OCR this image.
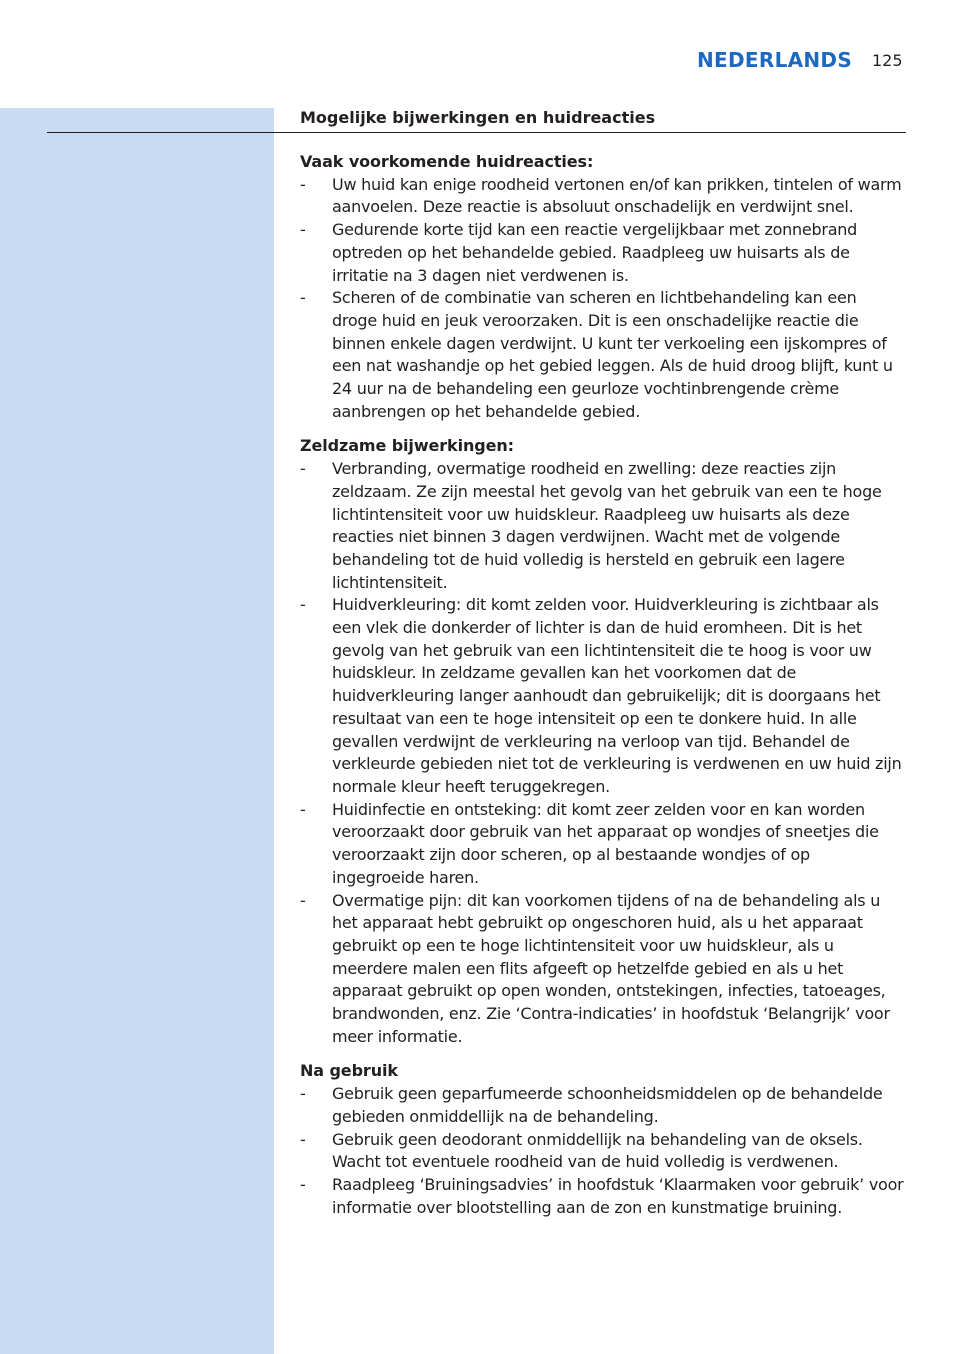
NEDERLANDS 125
Mogelijke bijwerkingen en huidreacties
Vaak voorkomende huidreacties:
- Uw huid kan enige roodheid vertonen en/of kan prikken, tintelen of warm aanvoelen. Deze reactie is absoluut onschadelijk en verdwijnt snel.
- Gedurende korte tijd kan een reactie vergelijkbaar met zonnebrand optreden op het behandelde gebied. Raadpleeg uw huisarts als de irritatie na 3 dagen niet verdwenen is.
- Scheren of de combinatie van scheren en lichtbehandeling kan een droge huid en jeuk veroorzaken. Dit is een onschadelijke reactie die binnen enkele dagen verdwijnt. U kunt ter verkoeling een ijskompres of een nat washandje op het gebied leggen. Als de huid droog blijft, kunt u 24 uur na de behandeling een geurloze vochtinbrengende crème aanbrengen op het behandelde gebied.
Zeldzame bijwerkingen:
- Verbranding, overmatige roodheid en zwelling: deze reacties zijn zeldzaam. Ze zijn meestal het gevolg van het gebruik van een te hoge lichtintensiteit voor uw huidskleur. Raadpleeg uw huisarts als deze reacties niet binnen 3 dagen verdwijnen. Wacht met de volgende behandeling tot de huid volledig is hersteld en gebruik een lagere lichtintensiteit.
- Huidverkleuring: dit komt zelden voor. Huidverkleuring is zichtbaar als een vlek die donkerder of lichter is dan de huid eromheen. Dit is het gevolg van het gebruik van een lichtintensiteit die te hoog is voor uw huidskleur. In zeldzame gevallen kan het voorkomen dat de huidverkleuring langer aanhoudt dan gebruikelijk; dit is doorgaans het resultaat van een te hoge intensiteit op een te donkere huid. In alle gevallen verdwijnt de verkleuring na verloop van tijd. Behandel de verkleurde gebieden niet tot de verkleuring is verdwenen en uw huid zijn normale kleur heeft teruggekregen.
- Huidinfectie en ontsteking: dit komt zeer zelden voor en kan worden veroorzaakt door gebruik van het apparaat op wondjes of sneetjes die veroorzaakt zijn door scheren, op al bestaande wondjes of op ingegroeide haren.
- Overmatige pijn: dit kan voorkomen tijdens of na de behandeling als u het apparaat hebt gebruikt op ongeschoren huid, als u het apparaat gebruikt op een te hoge lichtintensiteit voor uw huidskleur, als u meerdere malen een flits afgeeft op hetzelfde gebied en als u het apparaat gebruikt op open wonden, ontstekingen, infecties, tatoeages, brandwonden, enz. Zie ‘Contra-indicaties’ in hoofdstuk ‘Belangrijk’ voor meer informatie.
Na gebruik
- Gebruik geen geparfumeerde schoonheidsmiddelen op de behandelde gebieden onmiddellijk na de behandeling.
- Gebruik geen deodorant onmiddellijk na behandeling van de oksels. Wacht tot eventuele roodheid van de huid volledig is verdwenen.
- Raadpleeg ‘Bruiningsadvies’ in hoofdstuk ‘Klaarmaken voor gebruik’ voor informatie over blootstelling aan de zon en kunstmatige bruining.
